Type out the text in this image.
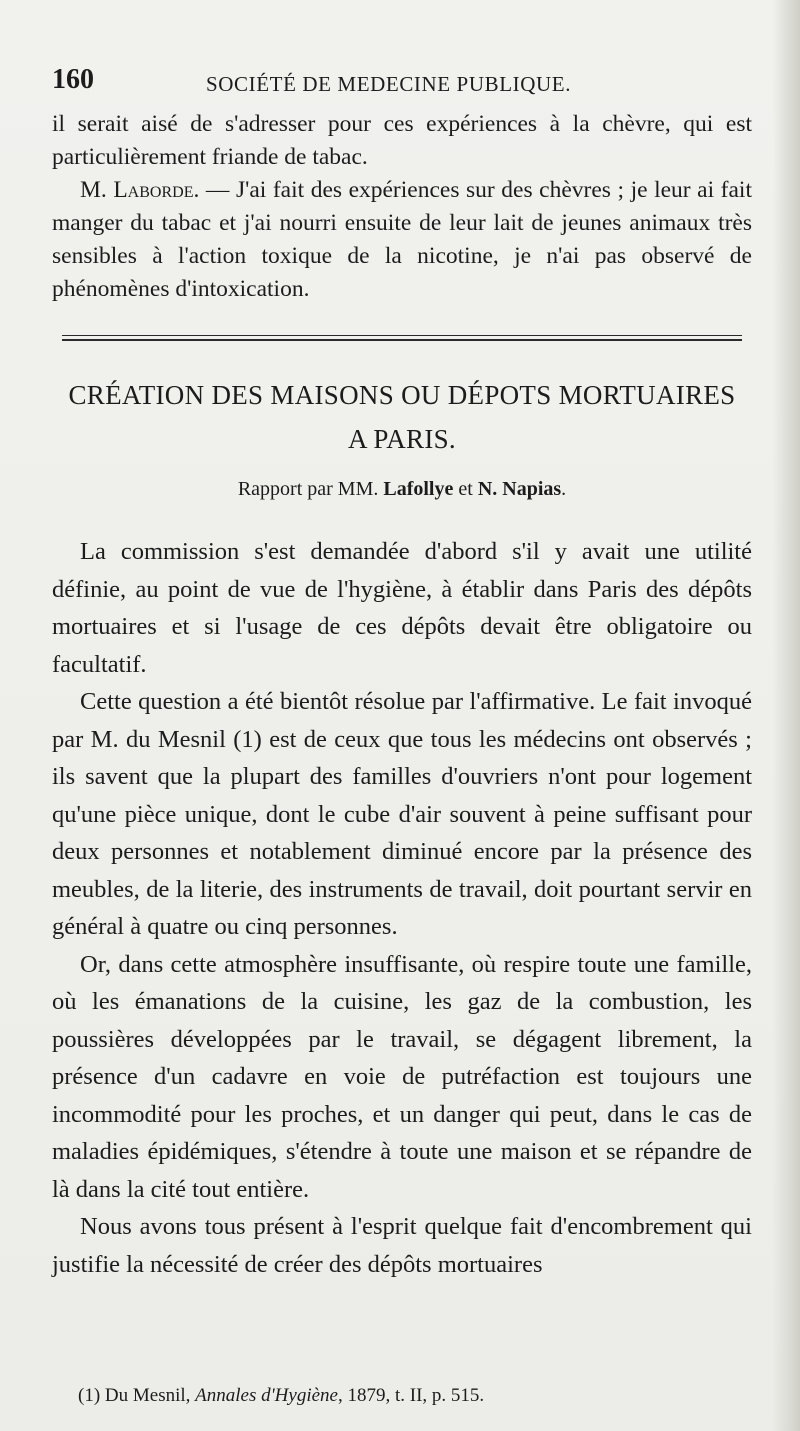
160	SOCIÉTÉ DE MEDECINE PUBLIQUE.

il serait aisé de s'adresser pour ces expériences à la chèvre, qui est particulièrement friande de tabac.

M. Laborde. — J'ai fait des expériences sur des chèvres ; je leur ai fait manger du tabac et j'ai nourri ensuite de leur lait de jeunes animaux très sensibles à l'action toxique de la nicotine, je n'ai pas observé de phénomènes d'intoxication.

CRÉATION DES MAISONS OU DÉPOTS MORTUAIRES
A PARIS.
Rapport par MM. Lafollye et N. Napias.

La commission s'est demandée d'abord s'il y avait une utilité définie, au point de vue de l'hygiène, à établir dans Paris des dépôts mortuaires et si l'usage de ces dépôts devait être obligatoire ou facultatif.

Cette question a été bientôt résolue par l'affirmative. Le fait invoqué par M. du Mesnil (1) est de ceux que tous les médecins ont observés ; ils savent que la plupart des familles d'ouvriers n'ont pour logement qu'une pièce unique, dont le cube d'air souvent à peine suffisant pour deux personnes et notablement diminué encore par la présence des meubles, de la literie, des instruments de travail, doit pourtant servir en général à quatre ou cinq personnes.

Or, dans cette atmosphère insuffisante, où respire toute une famille, où les émanations de la cuisine, les gaz de la combustion, les poussières développées par le travail, se dégagent librement, la présence d'un cadavre en voie de putréfaction est toujours une incommodité pour les proches, et un danger qui peut, dans le cas de maladies épidémiques, s'étendre à toute une maison et se répandre de là dans la cité tout entière.

Nous avons tous présent à l'esprit quelque fait d'encombrement qui justifie la nécessité de créer des dépôts mortuaires

(1) Du Mesnil, Annales d'Hygiène, 1879, t. II, p. 515.
